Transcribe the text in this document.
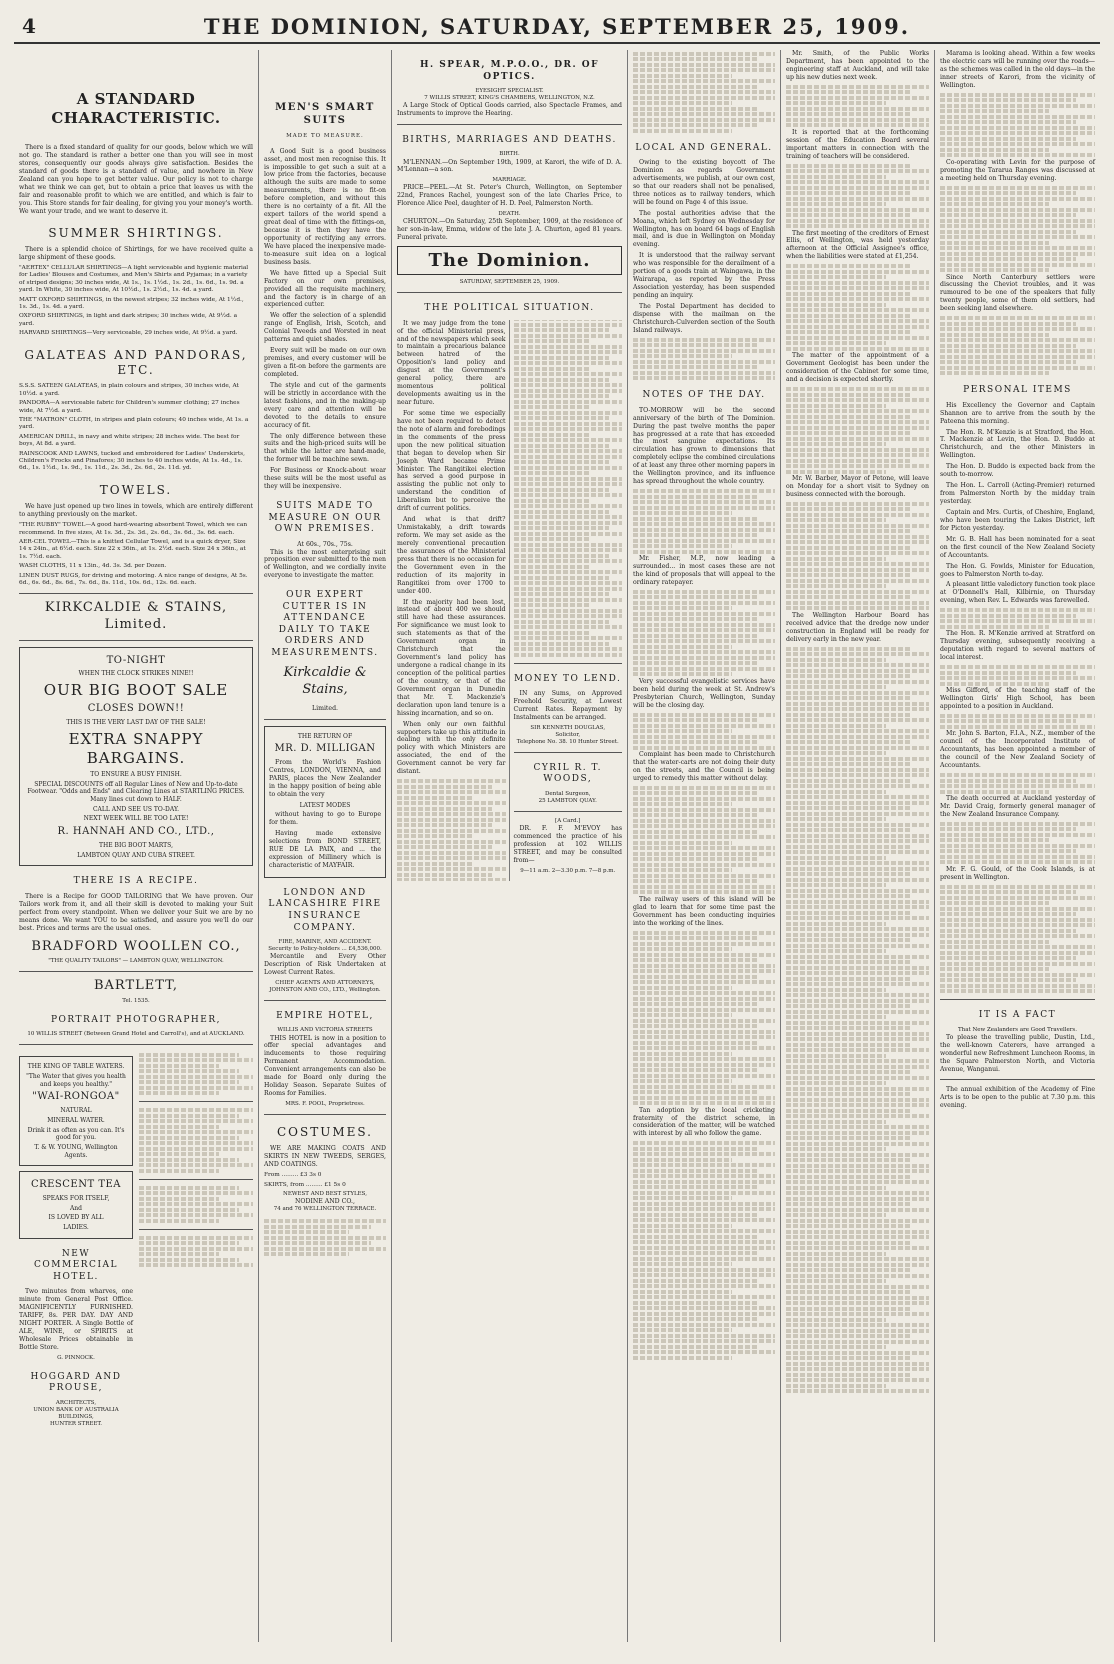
4	THE DOMINION, SATURDAY, SEPTEMBER 25, 1909.
A STANDARD CHARACTERISTIC.

There is a fixed standard of quality for our goods, below which we will not go. The standard is rather a better one than you will see in most stores, consequently our goods always give satisfaction. Besides the standard of goods there is a standard of value, and nowhere in New Zealand can you hope to get better value. Our policy is not to charge what we think we can get, but to obtain a price that leaves us with the fair and reasonable profit to which we are entitled, and which is fair to you. This Store stands for fair dealing, for giving you your money's worth. We want your trade, and we want to deserve it.

SUMMER SHIRTINGS.

There is a splendid choice of Shirtings, for we have received quite a large shipment of these goods.

"AERTEX" CELLULAR SHIRTINGS—A light serviceable and hygienic material for Ladies' Blouses and Costumes, and Men's Shirts and Pyjamas; in a variety of striped designs; 30 inches wide, At 1s., 1s. 1½d., 1s. 2d., 1s. 6d., 1s. 9d. a yard. In White, 30 inches wide, At 10½d., 1s. 2½d., 1s. 4d. a yard.
MATT OXFORD SHIRTINGS, in the newest stripes; 32 inches wide, At 1½d., 1s. 3d., 1s. 4d. a yard.
OXFORD SHIRTINGS, in light and dark stripes; 30 inches wide, At 9½d. a yard.
HARVARD SHIRTINGS—Very serviceable, 29 inches wide, At 9½d. a yard.
GALATEAS AND PANDORAS, ETC.
S.S.S. SATEEN GALATEAS, in plain colours and stripes, 30 inches wide, At 10½d. a yard.
PANDORA—A serviceable fabric for Children's summer clothing; 27 inches wide, At 7½d. a yard.
THE "MATRON" CLOTH, in stripes and plain colours; 40 inches wide, At 1s. a yard.
AMERICAN DRILL, in navy and white stripes; 28 inches wide. The best for boys, At 8d. a yard.
RAINSCOOK AND LAWNS, tucked and embroidered for Ladies' Underskirts, Children's Frocks and Pinafores; 30 inches to 40 inches wide, At 1s. 4d., 1s. 6d., 1s. 1½d., 1s. 9d., 1s. 11d., 2s. 3d., 2s. 6d., 2s. 11d. yd.
TOWELS.

We have just opened up two lines in towels, which are entirely different to anything previously on the market.

"THE RUBBY" TOWEL—A good hard-wearing absorbent Towel, which we can recommend. In five sizes, At 1s. 3d., 2s. 3d., 2s. 6d., 3s. 6d., 3s. 6d. each.
AER-CEL TOWEL—This is a knitted Cellular Towel, and is a quick dryer, Size 14 x 24in., at 6½d. each. Size 22 x 36in., at 1s. 2½d. each. Size 24 x 36in., at 1s. 7½d. each.
WASH CLOTHS, 11 x 13in., 4d. 3s. 3d. per Dozen.
LINEN DUST RUGS, for driving and motoring. A nice range of designs, At 5s. 6d., 6s. 6d., 8s. 6d., 7s. 6d., 8s. 11d., 10s. 6d., 12s. 6d. each.
KIRKCALDIE & STAINS, Limited.
TO-NIGHT
WHEN THE CLOCK STRIKES NINE!!
OUR BIG BOOT SALE
CLOSES DOWN!!
THIS IS THE VERY LAST DAY OF THE SALE!
EXTRA SNAPPY BARGAINS.
TO ENSURE A BUSY FINISH.
SPECIAL DISCOUNTS off all Regular Lines of New and Up-to-date Footwear. "Odds and Ends" and Clearing Lines at STARTLING PRICES. Many lines cut down to HALF.
CALL AND SEE US TO-DAY.
NEXT WEEK WILL BE TOO LATE!
R. HANNAH AND CO., LTD.,
THE BIG BOOT MARTS,
LAMBTON QUAY AND CUBA STREET.
THERE IS A RECIPE.

There is a Recipe for GOOD TAILORING that We have proven. Our Tailors work from it, and all their skill is devoted to making your Suit perfect from every standpoint. When we deliver your Suit we are by no means done. We want YOU to be satisfied, and assure you we'll do our best. Prices and terms are the usual ones.

BRADFORD WOOLLEN CO.,
"THE QUALITY TAILORS" — LAMBTON QUAY, WELLINGTON.
BARTLETT,
Tel. 1535.
PORTRAIT PHOTOGRAPHER,
10 WILLIS STREET (Between Grand Hotel and Carroll's), and at AUCKLAND.
THE KING OF TABLE WATERS.
"The Water that gives you health and keeps you healthy."
"WAI-RONGOA"
NATURAL
MINERAL WATER.
Drink it as often as you can. It's good for you.
T. & W. YOUNG, Wellington Agents.
CRESCENT TEA
SPEAKS FOR ITSELF,
And
IS LOVED BY ALL
LADIES.
NEW COMMERCIAL HOTEL.

Two minutes from wharves, one minute from General Post Office. MAGNIFICENTLY FURNISHED. TARIFF, 8s. PER DAY. DAY AND NIGHT PORTER. A Single Bottle of ALE, WINE, or SPIRITS at Wholesale Prices obtainable in Bottle Store.

G. PINNOCK.
HOGGARD AND PROUSE,
ARCHITECTS,
UNION BANK OF AUSTRALIA BUILDINGS,
HUNTER STREET.
MEN'S SMART SUITS
MADE TO MEASURE.

A Good Suit is a good business asset, and most men recognise this. It is impossible to get such a suit at a low price from the factories, because although the suits are made to some measurements, there is no fit-on before completion, and without this there is no certainty of a fit. All the expert tailors of the world spend a great deal of time with the fittings-on, because it is then they have the opportunity of rectifying any errors. We have placed the inexpensive made-to-measure suit idea on a logical business basis.

We have fitted up a Special Suit Factory on our own premises, provided all the requisite machinery, and the factory is in charge of an experienced cutter.

We offer the selection of a splendid range of English, Irish, Scotch, and Colonial Tweeds and Worsted in neat patterns and quiet shades.

Every suit will be made on our own premises, and every customer will be given a fit-on before the garments are completed.

The style and cut of the garments will be strictly in accordance with the latest fashions, and in the making-up every care and attention will be devoted to the details to ensure accuracy of fit.

The only difference between these suits and the high-priced suits will be that while the latter are hand-made, the former will be machine sewn.

For Business or Knock-about wear these suits will be the most useful as they will be inexpensive.

SUITS MADE TO MEASURE ON OUR OWN PREMISES.
At 60s., 70s., 75s.

This is the most enterprising suit proposition ever submitted to the men of Wellington, and we cordially invite everyone to investigate the matter.

OUR EXPERT CUTTER IS IN ATTENDANCE DAILY TO TAKE ORDERS AND MEASUREMENTS.
Kirkcaldie & Stains,
Limited.
THE RETURN OF
MR. D. MILLIGAN

From the World's Fashion Centres, LONDON, VIENNA, and PARIS, places the New Zealander in the happy position of being able to obtain the very

LATEST MODES

without having to go to Europe for them.

Having made extensive selections from BOND STREET, RUE DE LA PAIX, and ... the expression of Millinery which is characteristic of MAYFAIR.

LONDON AND LANCASHIRE FIRE INSURANCE COMPANY.
FIRE, MARINE, AND ACCIDENT.
Security to Policy-holders ... £4,536,000.

Mercantile and Every Other Description of Risk Undertaken at Lowest Current Rates.

CHIEF AGENTS AND ATTORNEYS, JOHNSTON AND CO., LTD., Wellington.
EMPIRE HOTEL,
WILLIS AND VICTORIA STREETS

THIS HOTEL is now in a position to offer special advantages and inducements to those requiring Permanent Accommodation. Convenient arrangements can also be made for Board only during the Holiday Season. Separate Suites of Rooms for Families.

MRS. F. POOL, Proprietress.
COSTUMES.

WE ARE MAKING COATS AND SKIRTS IN NEW TWEEDS, SERGES, AND COATINGS.

From ......... £3 3s 0
SKIRTS, from ......... £1 5s 0
NEWEST AND BEST STYLES,
NODINE AND CO.,
74 and 76 WELLINGTON TERRACE.
H. SPEAR, M.P.O.O., DR. OF OPTICS.
EYESIGHT SPECIALIST.
7 WILLIS STREET, KING'S CHAMBERS, WELLINGTON, N.Z.

A Large Stock of Optical Goods carried, also Spectacle Frames, and Instruments to improve the Hearing.

BIRTHS, MARRIAGES AND DEATHS.
BIRTH.

M'LENNAN.—On September 19th, 1909, at Karori, the wife of D. A. M'Lennan—a son.

MARRIAGE.

PRICE—PEEL.—At St. Peter's Church, Wellington, on September 22nd, Frances Rachel, youngest son of the late Charles Price, to Florence Alice Peel, daughter of H. D. Peel, Palmerston North.

DEATH.

CHURTON.—On Saturday, 25th September, 1909, at the residence of her son-in-law, Emma, widow of the late J. A. Churton, aged 81 years. Funeral private.

The Dominion.
SATURDAY, SEPTEMBER 25, 1909.
THE POLITICAL SITUATION.

It we may judge from the tone of the official Ministerial press, and of the newspapers which seek to maintain a precarious balance between hatred of the Opposition's land policy and disgust at the Government's general policy, there are momentous political developments awaiting us in the near future.

For some time we especially have not been required to detect the note of alarm and forebodings in the comments of the press upon the new political situation that began to develop when Sir Joseph Ward became Prime Minister. The Rangitikei election has served a good purpose in assisting the public not only to understand the condition of Liberalism but to perceive the drift of current politics.

And what is that drift? Unmistakably, a drift towards reform. We may set aside as the merely conventional precaution the assurances of the Ministerial press that there is no occasion for the Government even in the reduction of its majority in Rangitikei from over 1700 to under 400.

If the majority had been lost, instead of about 400 we should still have had these assurances. For significance we must look to such statements as that of the Government organ in Christchurch that the Government's land policy has undergone a radical change in its conception of the political parties of the country, or that of the Government organ in Dunedin that Mr. T. Mackenzie's declaration upon land tenure is a hissing incarnation, and so on.

When only our own faithful supporters take up this attitude in dealing with the only definite policy with which Ministers are associated, the end of the Government cannot be very far distant.

MONEY TO LEND.

IN any Sums, on Approved Freehold Security, at Lowest Current Rates. Repayment by Instalments can be arranged.

SIR KENNETH DOUGLAS,
Solicitor,
Telephone No. 38. 10 Hunter Street.
CYRIL R. T. WOODS,
Dental Surgeon,
25 LAMBTON QUAY.
[A Card.]

DR. F. F. M'EVOY has commenced the practice of his profession at 102 WILLIS STREET, and may be consulted from—

9—11 a.m. 2—3.30 p.m. 7—8 p.m.
LOCAL AND GENERAL.

Owing to the existing boycott of The Dominion as regards Government advertisements, we publish, at our own cost, so that our readers shall not be penalised, three notices as to railway tenders, which will be found on Page 4 of this issue.

The postal authorities advise that the Moana, which left Sydney on Wednesday for Wellington, has on board 64 bags of English mail, and is due in Wellington on Monday evening.

It is understood that the railway servant who was responsible for the derailment of a portion of a goods train at Waingawa, in the Wairarapa, as reported by the Press Association yesterday, has been suspended pending an inquiry.

The Postal Department has decided to dispense with the mailman on the Christchurch-Culverden section of the South Island railways.

NOTES OF THE DAY.

TO-MORROW will be the second anniversary of the birth of The Dominion. During the past twelve months the paper has progressed at a rate that has exceeded the most sanguine expectations. Its circulation has grown to dimensions that completely eclipse the combined circulations of at least any three other morning papers in the Wellington province, and its influence has spread throughout the whole country.

Mr. Fisher, M.P., now leading a surrounded... in most cases these are not the kind of proposals that will appeal to the ordinary ratepayer.

Very successful evangelistic services have been held during the week at St. Andrew's Presbyterian Church, Wellington, Sunday will be the closing day.

Complaint has been made to Christchurch that the water-carts are not doing their duty on the streets, and the Council is being urged to remedy this matter without delay.

The railway users of this island will be glad to learn that for some time past the Government has been conducting inquiries into the working of the lines.

Tan adoption by the local cricketing fraternity of the district scheme, in consideration of the matter, will be watched with interest by all who follow the game.

Mr. Smith, of the Public Works Department, has been appointed to the engineering staff at Auckland, and will take up his new duties next week.

It is reported that at the forthcoming session of the Education Board several important matters in connection with the training of teachers will be considered.

The first meeting of the creditors of Ernest Ellis, of Wellington, was held yesterday afternoon at the Official Assignee's office, when the liabilities were stated at £1,254.

The matter of the appointment of a Government Geologist has been under the consideration of the Cabinet for some time, and a decision is expected shortly.

Mr. W. Barber, Mayor of Petone, will leave on Monday for a short visit to Sydney on business connected with the borough.

The Wellington Harbour Board has received advice that the dredge now under construction in England will be ready for delivery early in the new year.

Marama is looking ahead. Within a few weeks the electric cars will be running over the roads—as the schemes was called in the old days—in the inner streets of Karori, from the vicinity of Wellington.

Co-operating with Levin for the purpose of promoting the Tararua Ranges was discussed at a meeting held on Thursday evening.

Since North Canterbury settlers were discussing the Cheviot troubles, and it was rumoured to be one of the speakers that fully twenty people, some of them old settlers, had been seeking land elsewhere.

PERSONAL ITEMS

His Excellency the Governor and Captain Shannon are to arrive from the south by the Pateena this morning.

The Hon. R. M'Kenzie is at Stratford, the Hon. T. Mackenzie at Levin, the Hon. D. Buddo at Christchurch, and the other Ministers in Wellington.

The Hon. D. Buddo is expected back from the south to-morrow.

The Hon. L. Carroll (Acting-Premier) returned from Palmerston North by the midday train yesterday.

Captain and Mrs. Curtis, of Cheshire, England, who have been touring the Lakes District, left for Picton yesterday.

Mr. G. B. Hall has been nominated for a seat on the first council of the New Zealand Society of Accountants.

The Hon. G. Fowlds, Minister for Education, goes to Palmerston North to-day.

A pleasant little valedictory function took place at O'Donnell's Hall, Kilbirnie, on Thursday evening, when Rev. L. Edwards was farewelled.

The Hon. R. M'Kenzie arrived at Stratford on Thursday evening, subsequently receiving a deputation with regard to several matters of local interest.

Miss Gifford, of the teaching staff of the Wellington Girls' High School, has been appointed to a position in Auckland.

Mr. John S. Barton, F.I.A., N.Z., member of the council of the Incorporated Institute of Accountants, has been appointed a member of the council of the New Zealand Society of Accountants.

The death occurred at Auckland yesterday of Mr. David Craig, formerly general manager of the New Zealand Insurance Company.

Mr. F. G. Gould, of the Cook Islands, is at present in Wellington.

IT IS A FACT
That New Zealanders are Good Travellers.

To please the travelling public, Dustin, Ltd., the well-known Caterers, have arranged a wonderful new Refreshment Luncheon Rooms, in the Square Palmerston North, and Victoria Avenue, Wanganui.

The annual exhibition of the Academy of Fine Arts is to be open to the public at 7.30 p.m. this evening.
